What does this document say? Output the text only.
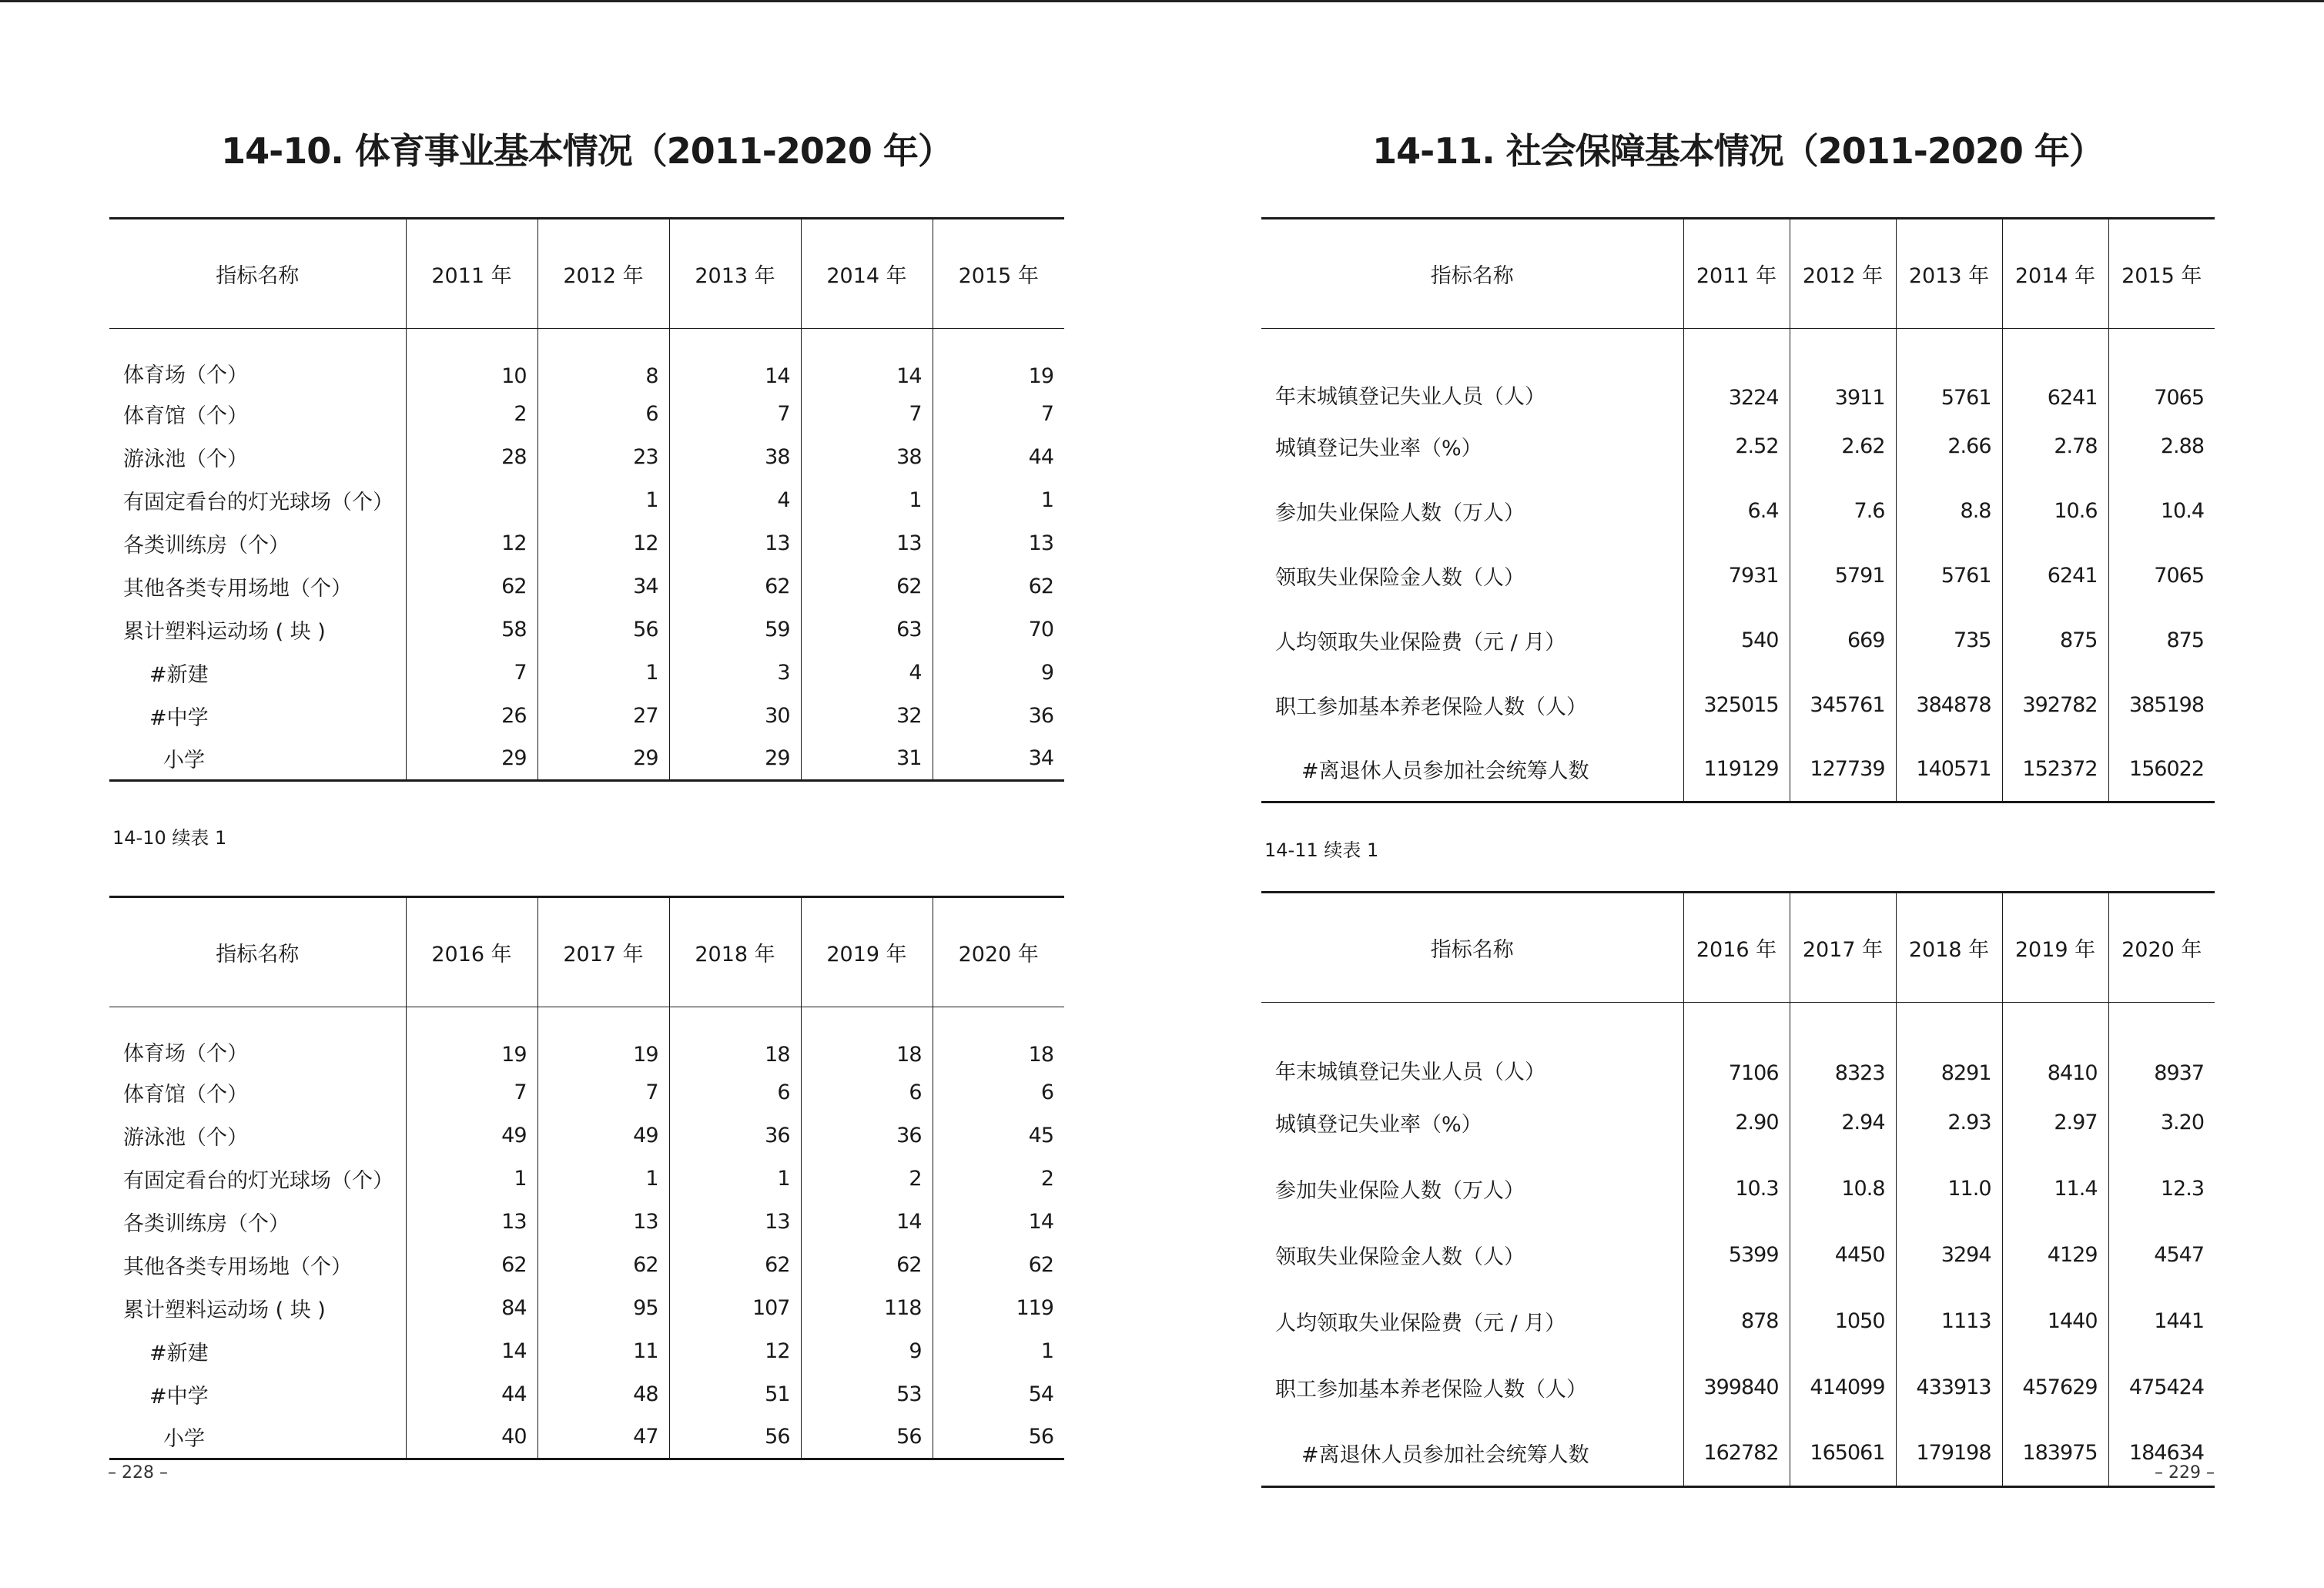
14-10. 体育事业基本情况（2011-2020 年）
指标名称	2011 年	2012 年	2013 年	2014 年	2015 年
体育场（个）	10	8	14	14	19
体育馆（个）	2	6	7	7	7
游泳池（个）	28	23	38	38	44
有固定看台的灯光球场（个）		1	4	1	1
各类训练房（个）	12	12	13	13	13
其他各类专用场地（个）	62	34	62	62	62
累计塑料运动场 ( 块 )	58	56	59	63	70
#新建	7	1	3	4	9
#中学	26	27	30	32	36
小学	29	29	29	31	34
14-10 续表 1
指标名称	2016 年	2017 年	2018 年	2019 年	2020 年
体育场（个）	19	19	18	18	18
体育馆（个）	7	7	6	6	6
游泳池（个）	49	49	36	36	45
有固定看台的灯光球场（个）	1	1	1	2	2
各类训练房（个）	13	13	13	14	14
其他各类专用场地（个）	62	62	62	62	62
累计塑料运动场 ( 块 )	84	95	107	118	119
#新建	14	11	12	9	1
#中学	44	48	51	53	54
小学	40	47	56	56	56
– 228 –
14-11. 社会保障基本情况（2011-2020 年）
指标名称	2011 年	2012 年	2013 年	2014 年	2015 年
年末城镇登记失业人员（人）	3224	3911	5761	6241	7065
城镇登记失业率（%）	2.52	2.62	2.66	2.78	2.88
参加失业保险人数（万人）	6.4	7.6	8.8	10.6	10.4
领取失业保险金人数（人）	7931	5791	5761	6241	7065
人均领取失业保险费（元 / 月）	540	669	735	875	875
职工参加基本养老保险人数（人）	325015	345761	384878	392782	385198
#离退休人员参加社会统筹人数	119129	127739	140571	152372	156022
14-11 续表 1
指标名称	2016 年	2017 年	2018 年	2019 年	2020 年
年末城镇登记失业人员（人）	7106	8323	8291	8410	8937
城镇登记失业率（%）	2.90	2.94	2.93	2.97	3.20
参加失业保险人数（万人）	10.3	10.8	11.0	11.4	12.3
领取失业保险金人数（人）	5399	4450	3294	4129	4547
人均领取失业保险费（元 / 月）	878	1050	1113	1440	1441
职工参加基本养老保险人数（人）	399840	414099	433913	457629	475424
#离退休人员参加社会统筹人数	162782	165061	179198	183975	184634
– 229 –
